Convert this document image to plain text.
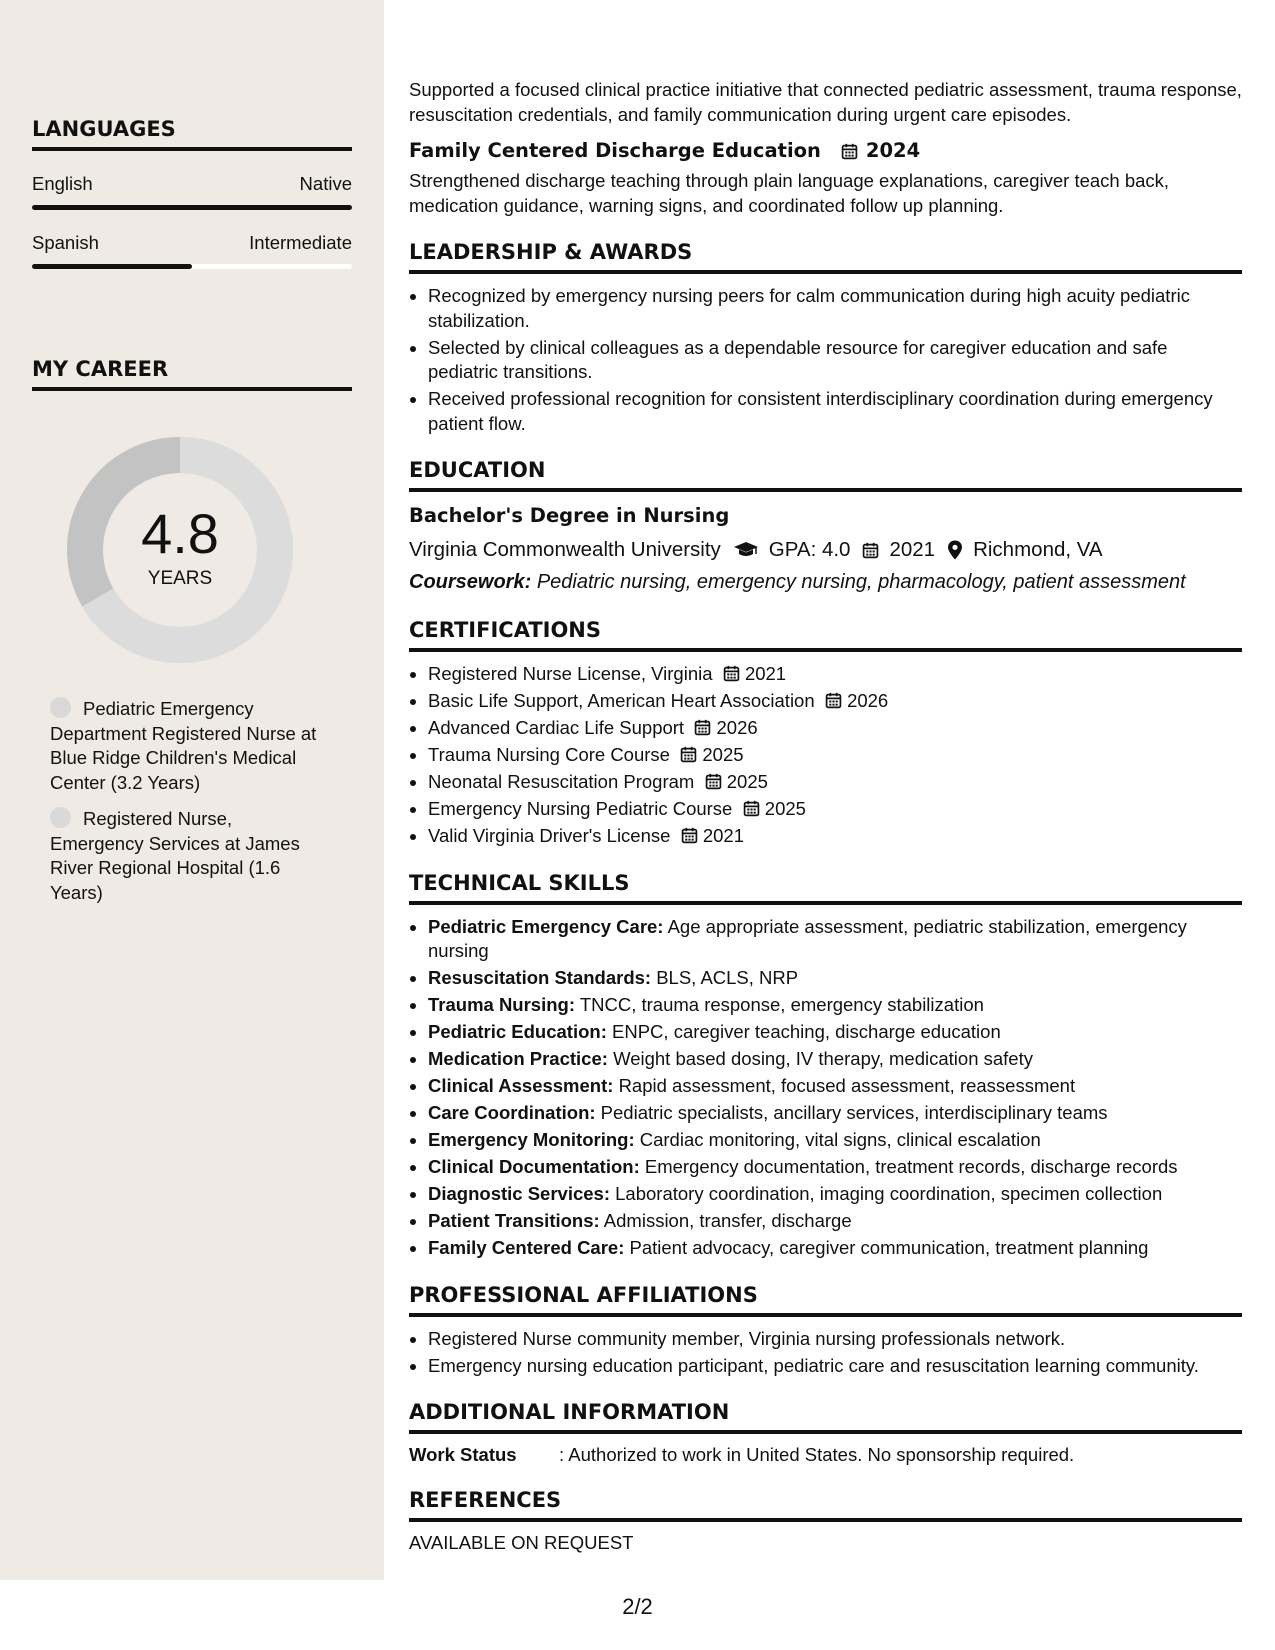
LANGUAGES
English	Native
Spanish	Intermediate
MY CAREER
4.8
YEARS
Pediatric Emergency Department Registered Nurse at Blue Ridge Children's Medical Center (3.2 Years)
Registered Nurse, Emergency Services at James River Regional Hospital (1.6 Years)

Supported a focused clinical practice initiative that connected pediatric assessment, trauma response, resuscitation credentials, and family communication during urgent care episodes.

Family Centered Discharge Education 2024

Strengthened discharge teaching through plain language explanations, caregiver teach back, medication guidance, warning signs, and coordinated follow up planning.

LEADERSHIP & AWARDS
• Recognized by emergency nursing peers for calm communication during high acuity pediatric stabilization.
• Selected by clinical colleagues as a dependable resource for caregiver education and safe pediatric transitions.
• Received professional recognition for consistent interdisciplinary coordination during emergency patient flow.
EDUCATION
Bachelor's Degree in Nursing
Virginia Commonwealth University GPA: 4.0 2021 Richmond, VA
Coursework: Pediatric nursing, emergency nursing, pharmacology, patient assessment
CERTIFICATIONS
• Registered Nurse License, Virginia 2021
• Basic Life Support, American Heart Association 2026
• Advanced Cardiac Life Support 2026
• Trauma Nursing Core Course 2025
• Neonatal Resuscitation Program 2025
• Emergency Nursing Pediatric Course 2025
• Valid Virginia Driver's License 2021
TECHNICAL SKILLS
• Pediatric Emergency Care: Age appropriate assessment, pediatric stabilization, emergency nursing
• Resuscitation Standards: BLS, ACLS, NRP
• Trauma Nursing: TNCC, trauma response, emergency stabilization
• Pediatric Education: ENPC, caregiver teaching, discharge education
• Medication Practice: Weight based dosing, IV therapy, medication safety
• Clinical Assessment: Rapid assessment, focused assessment, reassessment
• Care Coordination: Pediatric specialists, ancillary services, interdisciplinary teams
• Emergency Monitoring: Cardiac monitoring, vital signs, clinical escalation
• Clinical Documentation: Emergency documentation, treatment records, discharge records
• Diagnostic Services: Laboratory coordination, imaging coordination, specimen collection
• Patient Transitions: Admission, transfer, discharge
• Family Centered Care: Patient advocacy, caregiver communication, treatment planning
PROFESSIONAL AFFILIATIONS
• Registered Nurse community member, Virginia nursing professionals network.
• Emergency nursing education participant, pediatric care and resuscitation learning community.
ADDITIONAL INFORMATION
Work Status	: Authorized to work in United States. No sponsorship required.
REFERENCES
AVAILABLE ON REQUEST
2/2
